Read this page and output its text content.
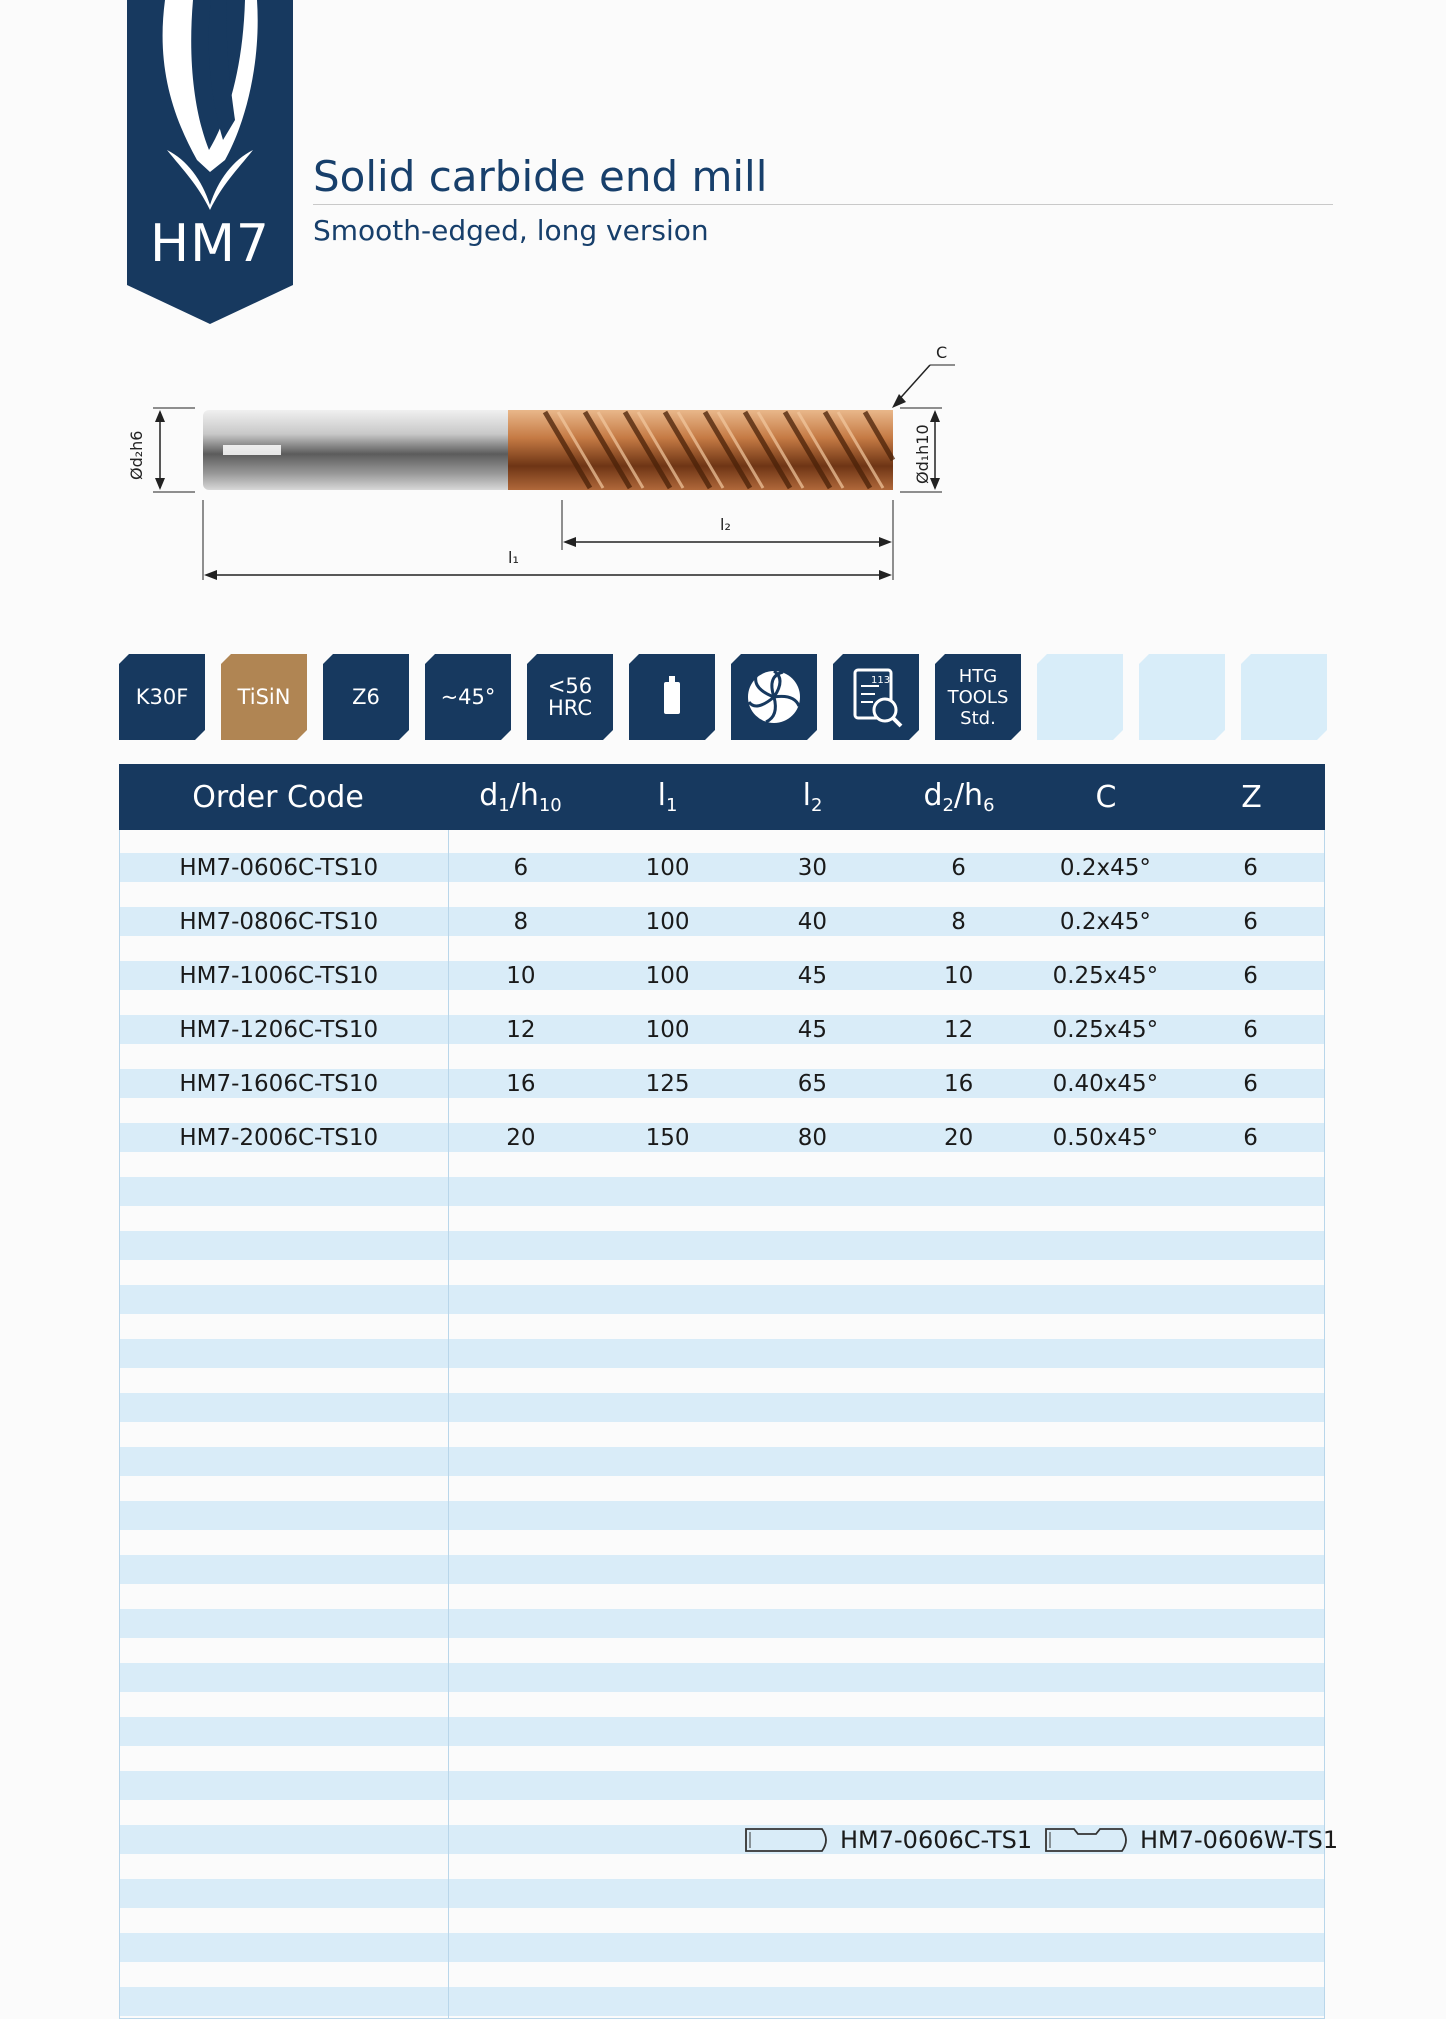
HM7
Solid carbide end mill
Smooth-edged, long version
Ød₂h6	Ød₁h10
C
l₂
l₁
K30F	TiSiN	Z6	~45°	<56
HRC
113	HTG
TOOLS
Std.
Order Code	$d_1/h_{10}$	$l_1$	$l_2$	$d_2/h_6$	C	Z
HM7-0606C-TS10	6	100	30	6	0.2x45°	6
HM7-0806C-TS10	8	100	40	8	0.2x45°	6
HM7-1006C-TS10	10	100	45	10	0.25x45°	6
HM7-1206C-TS10	12	100	45	12	0.25x45°	6
HM7-1606C-TS10	16	125	65	16	0.40x45°	6
HM7-2006C-TS10	20	150	80	20	0.50x45°	6
HM7-0606C-TS1	HM7-0606W-TS1
